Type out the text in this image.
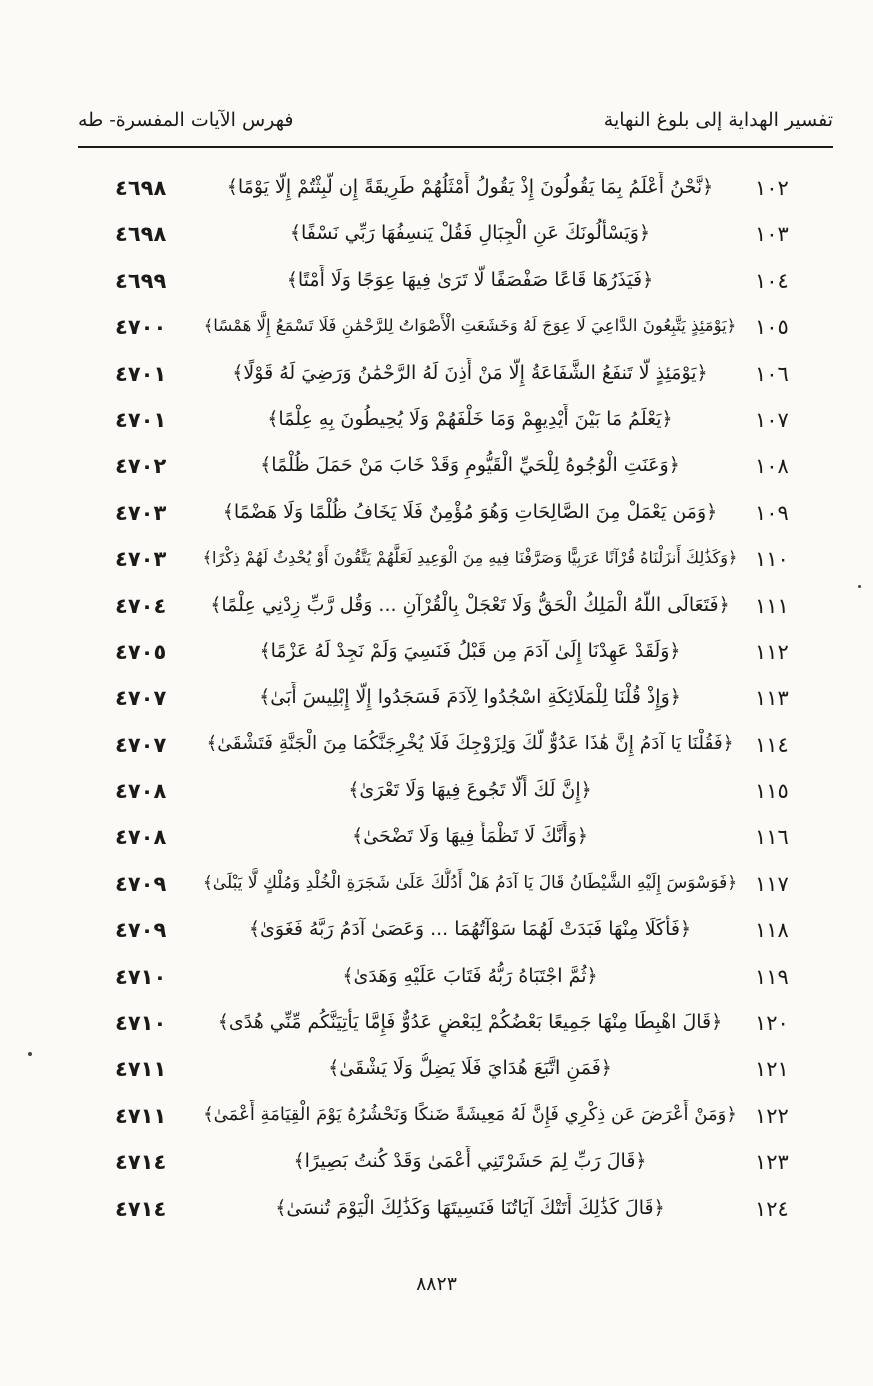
فهرس الآيات المفسرة- طه	تفسير الهداية إلى بلوغ النهاية
٤٦٩٨	﴿نَّحْنُ أَعْلَمُ بِمَا يَقُولُونَ إِذْ يَقُولُ أَمْثَلُهُمْ طَرِيقَةً إِن لَّبِثْتُمْ إِلَّا يَوْمًا﴾	١٠٢
٤٦٩٨	﴿وَيَسْأَلُونَكَ عَنِ الْجِبَالِ فَقُلْ يَنسِفُهَا رَبِّي نَسْفًا﴾	١٠٣
٤٦٩٩	﴿فَيَذَرُهَا قَاعًا صَفْصَفًا لَّا تَرَىٰ فِيهَا عِوَجًا وَلَا أَمْتًا﴾	١٠٤
٤٧٠٠	﴿يَوْمَئِذٍ يَتَّبِعُونَ الدَّاعِيَ لَا عِوَجَ لَهُ وَخَشَعَتِ الْأَصْوَاتُ لِلرَّحْمَٰنِ فَلَا تَسْمَعُ إِلَّا هَمْسًا﴾ ١٠٥
٤٧٠١	﴿يَوْمَئِذٍ لَّا تَنفَعُ الشَّفَاعَةُ إِلَّا مَنْ أَذِنَ لَهُ الرَّحْمَٰنُ وَرَضِيَ لَهُ قَوْلًا﴾	١٠٦
٤٧٠١	﴿يَعْلَمُ مَا بَيْنَ أَيْدِيهِمْ وَمَا خَلْفَهُمْ وَلَا يُحِيطُونَ بِهِ عِلْمًا﴾	١٠٧
٤٧٠٢	﴿وَعَنَتِ الْوُجُوهُ لِلْحَيِّ الْقَيُّومِ وَقَدْ خَابَ مَنْ حَمَلَ ظُلْمًا﴾	١٠٨
٤٧٠٣	﴿وَمَن يَعْمَلْ مِنَ الصَّالِحَاتِ وَهُوَ مُؤْمِنٌ فَلَا يَخَافُ ظُلْمًا وَلَا هَضْمًا﴾	١٠٩
٤٧٠٣	﴿وَكَذَٰلِكَ أَنزَلْنَاهُ قُرْآنًا عَرَبِيًّا وَصَرَّفْنَا فِيهِ مِنَ الْوَعِيدِ لَعَلَّهُمْ يَتَّقُونَ أَوْ يُحْدِثُ لَهُمْ ذِكْرًا﴾ ١١٠
٤٧٠٤	﴿فَتَعَالَى اللَّهُ الْمَلِكُ الْحَقُّ وَلَا تَعْجَلْ بِالْقُرْآنِ ... وَقُل رَّبِّ زِدْنِي عِلْمًا﴾	١١١
٤٧٠٥	﴿وَلَقَدْ عَهِدْنَا إِلَىٰ آدَمَ مِن قَبْلُ فَنَسِيَ وَلَمْ نَجِدْ لَهُ عَزْمًا﴾	١١٢
٤٧٠٧	﴿وَإِذْ قُلْنَا لِلْمَلَائِكَةِ اسْجُدُوا لِآدَمَ فَسَجَدُوا إِلَّا إِبْلِيسَ أَبَىٰ﴾	١١٣
٤٧٠٧	﴿فَقُلْنَا يَا آدَمُ إِنَّ هَٰذَا عَدُوٌّ لَّكَ وَلِزَوْجِكَ فَلَا يُخْرِجَنَّكُمَا مِنَ الْجَنَّةِ فَتَشْقَىٰ﴾	١١٤
٤٧٠٨	﴿إِنَّ لَكَ أَلَّا تَجُوعَ فِيهَا وَلَا تَعْرَىٰ﴾	١١٥
٤٧٠٨	﴿وَأَنَّكَ لَا تَظْمَأُ فِيهَا وَلَا تَضْحَىٰ﴾	١١٦
٤٧٠٩	﴿فَوَسْوَسَ إِلَيْهِ الشَّيْطَانُ قَالَ يَا آدَمُ هَلْ أَدُلُّكَ عَلَىٰ شَجَرَةِ الْخُلْدِ وَمُلْكٍ لَّا يَبْلَىٰ﴾ ١١٧
٤٧٠٩	﴿فَأَكَلَا مِنْهَا فَبَدَتْ لَهُمَا سَوْآتُهُمَا ... وَعَصَىٰ آدَمُ رَبَّهُ فَغَوَىٰ﴾	١١٨
٤٧١٠	﴿ثُمَّ اجْتَبَاهُ رَبُّهُ فَتَابَ عَلَيْهِ وَهَدَىٰ﴾	١١٩
٤٧١٠	﴿قَالَ اهْبِطَا مِنْهَا جَمِيعًا بَعْضُكُمْ لِبَعْضٍ عَدُوٌّ فَإِمَّا يَأْتِيَنَّكُم مِّنِّي هُدًى﴾	١٢٠
٤٧١١	﴿فَمَنِ اتَّبَعَ هُدَايَ فَلَا يَضِلُّ وَلَا يَشْقَىٰ﴾	١٢١
٤٧١١	﴿وَمَنْ أَعْرَضَ عَن ذِكْرِي فَإِنَّ لَهُ مَعِيشَةً ضَنكًا وَنَحْشُرُهُ يَوْمَ الْقِيَامَةِ أَعْمَىٰ﴾ ١٢٢
٤٧١٤	﴿قَالَ رَبِّ لِمَ حَشَرْتَنِي أَعْمَىٰ وَقَدْ كُنتُ بَصِيرًا﴾	١٢٣
٤٧١٤	﴿قَالَ كَذَٰلِكَ أَتَتْكَ آيَاتُنَا فَنَسِيتَهَا وَكَذَٰلِكَ الْيَوْمَ تُنسَىٰ﴾	١٢٤
٨٨٢٣
